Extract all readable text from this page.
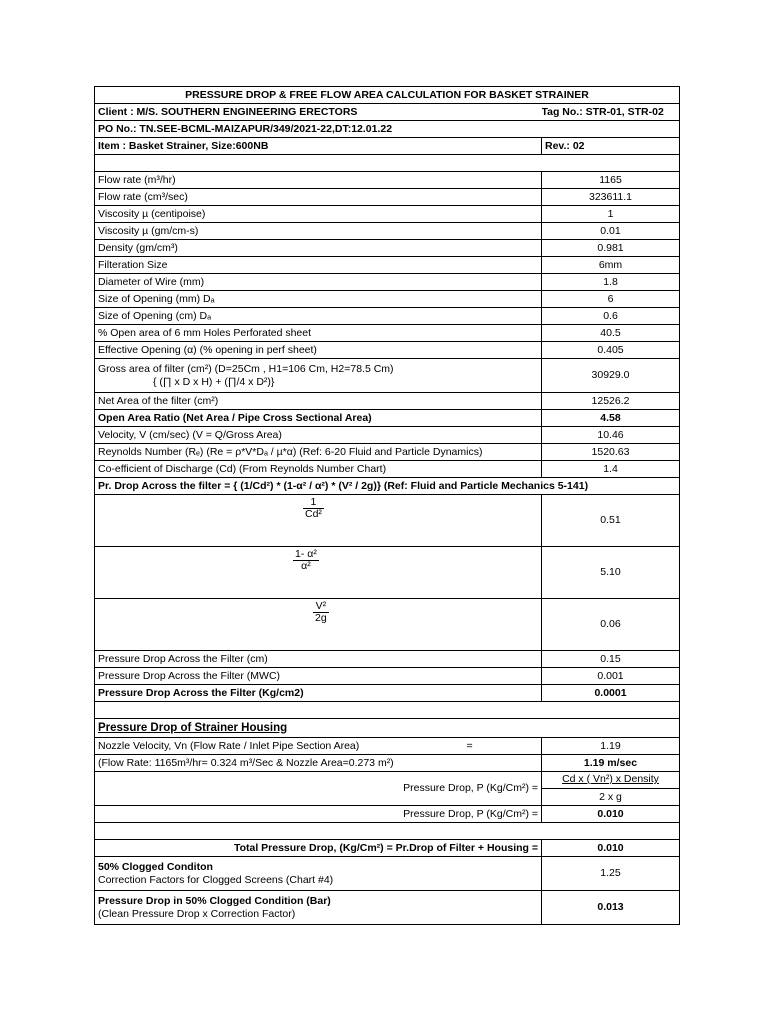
PRESSURE DROP & FREE FLOW AREA CALCULATION FOR BASKET STRAINER	
Client : M/S. SOUTHERN ENGINEERING ERECTORS	Tag No.: STR-01, STR-02
PO No.: TN.SEE-BCML-MAIZAPUR/349/2021-22,DT:12.01.22	
Item : Basket Strainer, Size:600NB	Rev.: 02

Flow rate (m³/hr)	1165
Flow rate (cm³/sec)	323611.1
Viscosity µ (centipoise)	1
Viscosity µ (gm/cm-s)	0.01
Density (gm/cm³)	0.981
Filteration Size	6mm
Diameter of Wire (mm)	1.8
Size of Opening (mm) Dₐ	6
Size of Opening (cm) Dₐ	0.6
% Open area of 6 mm Holes Perforated sheet	40.5
Effective Opening (α) (% opening in perf sheet)	0.405

Gross area of filter (cm²) (D=25Cm , H1=106 Cm, H2=78.5 Cm)
{ (∏ x D x H) + (∏/4 x D²)}	30929.0
Net Area of the filter (cm²)	12526.2
Open Area Ratio (Net Area / Pipe Cross Sectional Area)	4.58
Velocity, V (cm/sec) (V = Q/Gross Area)	10.46
Reynolds Number (Rₑ) (Re = ρ*V*Dₐ / µ*α) (Ref: 6-20 Fluid and Particle Dynamics)	1520.63
Co-efficient of Discharge (Cd) (From Reynolds Number Chart)	1.4
Pr. Drop Across the filter = { (1/Cd²) * (1-α² / α²) * (V² / 2g)} (Ref: Fluid and Particle Mechanics 5-141)	

$\frac{1}{\text{Cd²}}$	0.51

$\frac{\text{1- α²}}{\text{α²}}$	5.10

$\frac{\text{V²}}{2g}$	0.06
Pressure Drop Across the Filter (cm)	0.15
Pressure Drop Across the Filter (MWC)	0.001
Pressure Drop Across the Filter (Kg/cm2)	0.0001

Pressure Drop of Strainer Housing	
Nozzle Velocity, Vn (Flow Rate / Inlet Pipe Section Area) =	1.19
(Flow Rate: 1165m³/hr= 0.324 m³/Sec & Nozzle Area=0.273 m²)	1.19 m/sec
Pressure Drop, P (Kg/Cm²) =	Cd x ( Vn²) x Density
2 x g

Pressure Drop, P (Kg/Cm²) =	0.010

Total Pressure Drop, (Kg/Cm²) = Pr.Drop of Filter + Housing =	0.010

50% Clogged Conditon
Correction Factors for Clogged Screens (Chart #4)	1.25

Pressure Drop in 50% Clogged Condition (Bar)
(Clean Pressure Drop x Correction Factor)	0.013
